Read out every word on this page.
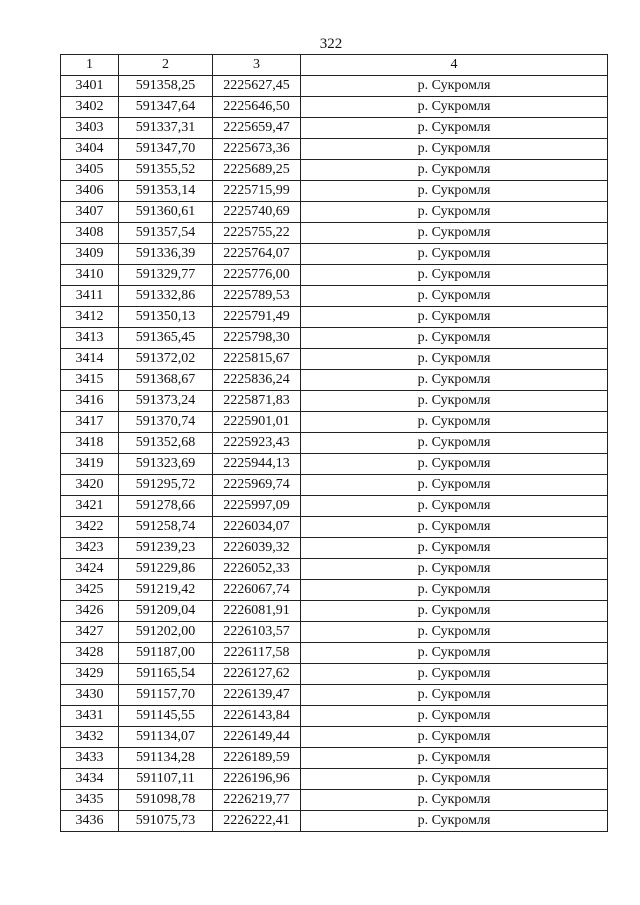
322
1	2	3	4
3401	591358,25	2225627,45	р. Сукромля
3402	591347,64	2225646,50	р. Сукромля
3403	591337,31	2225659,47	р. Сукромля
3404	591347,70	2225673,36	р. Сукромля
3405	591355,52	2225689,25	р. Сукромля
3406	591353,14	2225715,99	р. Сукромля
3407	591360,61	2225740,69	р. Сукромля
3408	591357,54	2225755,22	р. Сукромля
3409	591336,39	2225764,07	р. Сукромля
3410	591329,77	2225776,00	р. Сукромля
3411	591332,86	2225789,53	р. Сукромля
3412	591350,13	2225791,49	р. Сукромля
3413	591365,45	2225798,30	р. Сукромля
3414	591372,02	2225815,67	р. Сукромля
3415	591368,67	2225836,24	р. Сукромля
3416	591373,24	2225871,83	р. Сукромля
3417	591370,74	2225901,01	р. Сукромля
3418	591352,68	2225923,43	р. Сукромля
3419	591323,69	2225944,13	р. Сукромля
3420	591295,72	2225969,74	р. Сукромля
3421	591278,66	2225997,09	р. Сукромля
3422	591258,74	2226034,07	р. Сукромля
3423	591239,23	2226039,32	р. Сукромля
3424	591229,86	2226052,33	р. Сукромля
3425	591219,42	2226067,74	р. Сукромля
3426	591209,04	2226081,91	р. Сукромля
3427	591202,00	2226103,57	р. Сукромля
3428	591187,00	2226117,58	р. Сукромля
3429	591165,54	2226127,62	р. Сукромля
3430	591157,70	2226139,47	р. Сукромля
3431	591145,55	2226143,84	р. Сукромля
3432	591134,07	2226149,44	р. Сукромля
3433	591134,28	2226189,59	р. Сукромля
3434	591107,11	2226196,96	р. Сукромля
3435	591098,78	2226219,77	р. Сукромля
3436	591075,73	2226222,41	р. Сукромля
